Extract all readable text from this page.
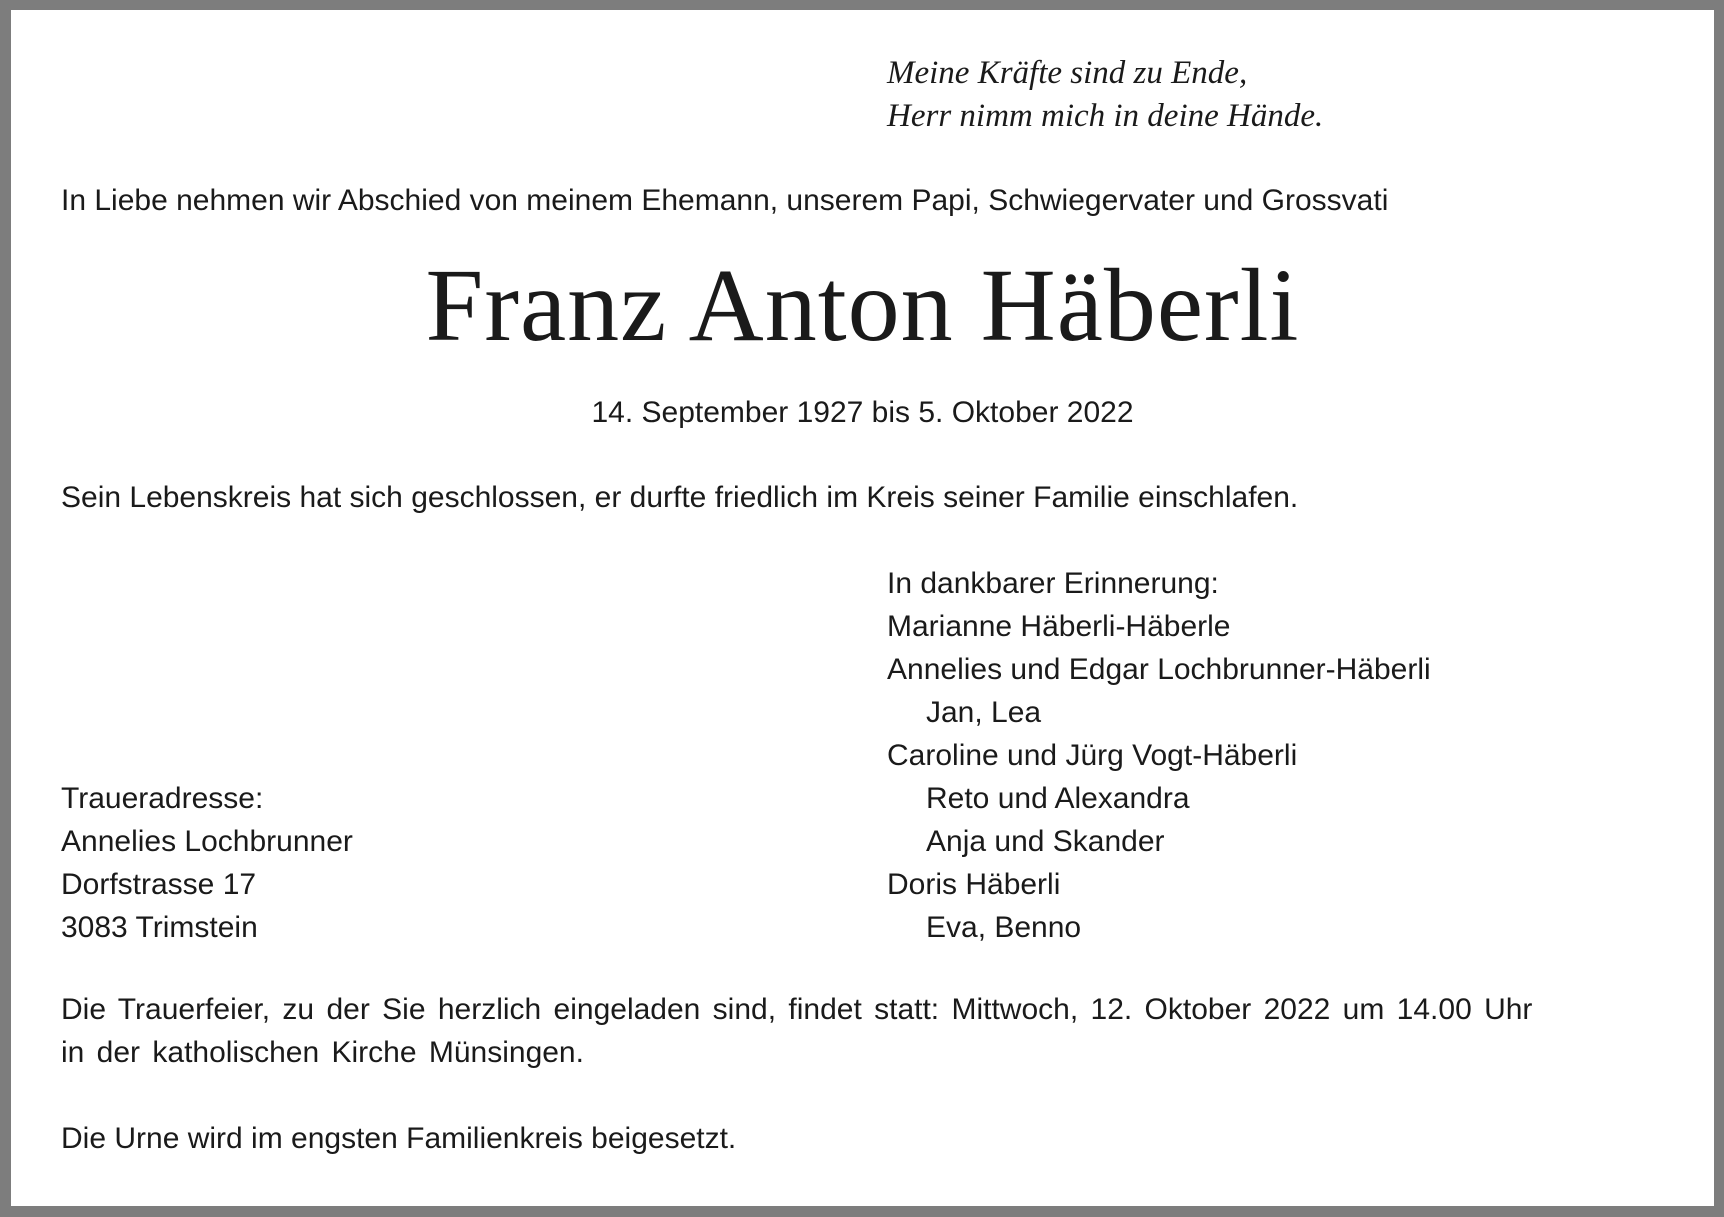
Meine Kräfte sind zu Ende,
Herr nimm mich in deine Hände.
In Liebe nehmen wir Abschied von meinem Ehemann, unserem Papi, Schwiegervater und Grossvati
Franz Anton Häberli
14. September 1927 bis 5. Oktober 2022
Sein Lebenskreis hat sich geschlossen, er durfte friedlich im Kreis seiner Familie einschlafen.
In dankbarer Erinnerung:
Marianne Häberli-Häberle
Annelies und Edgar Lochbrunner-Häberli
Jan, Lea
Caroline und Jürg Vogt-Häberli
Reto und Alexandra
Anja und Skander
Doris Häberli
Eva, Benno
Traueradresse:
Annelies Lochbrunner
Dorfstrasse 17
3083 Trimstein
Die Trauerfeier, zu der Sie herzlich eingeladen sind, findet statt: Mittwoch, 12. Oktober 2022 um 14.00 Uhr
in der katholischen Kirche Münsingen.
Die Urne wird im engsten Familienkreis beigesetzt.
